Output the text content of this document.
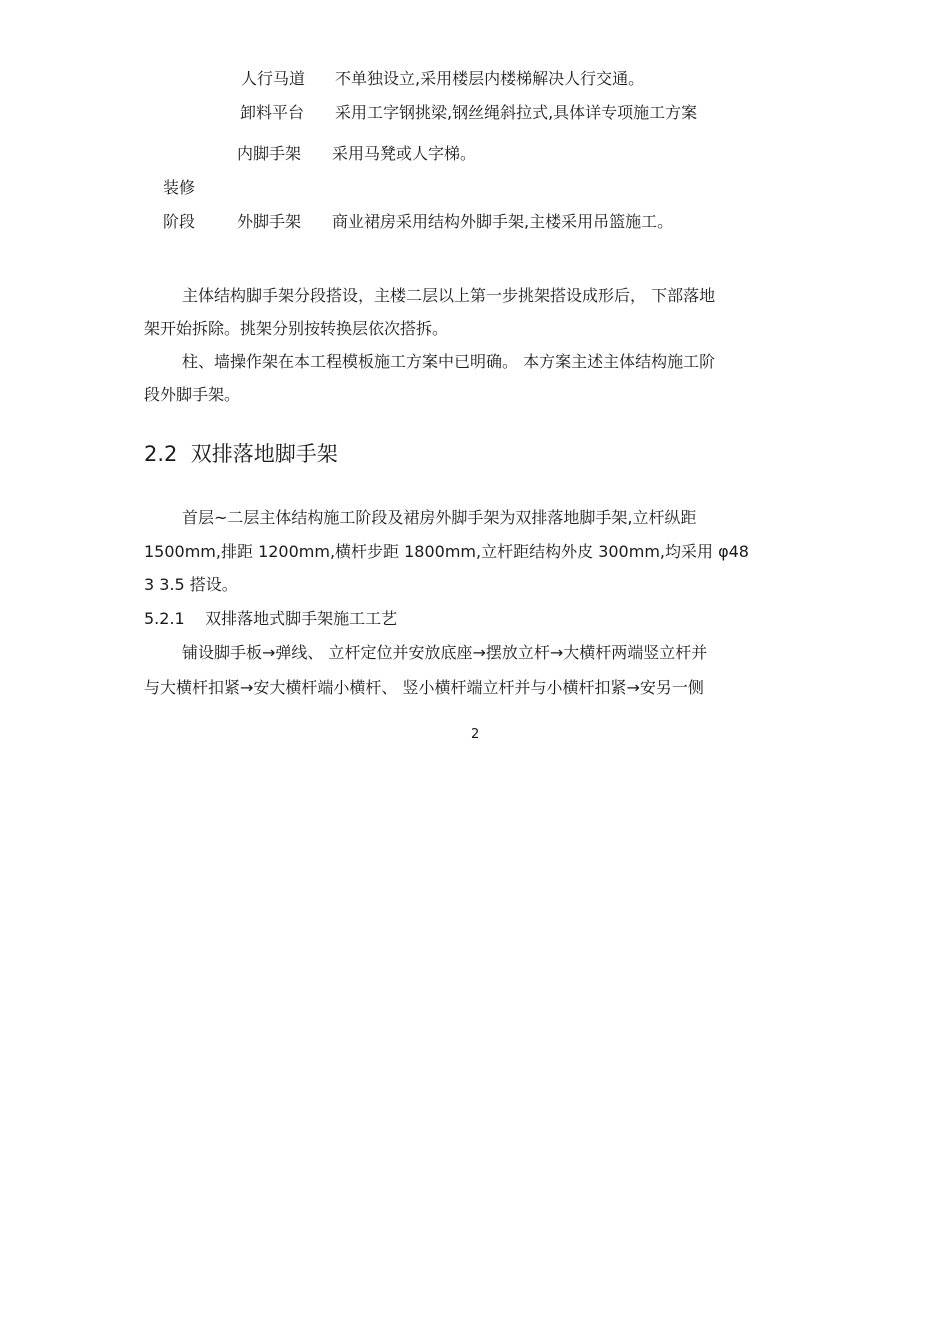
人行马道 不单独设立,采用楼层内楼梯解决人行交通。
卸料平台 采用工字钢挑梁,钢丝绳斜拉式,具体详专项施工方案
内脚手架 采用马凳或人字梯。
装修
阶段	外脚手架 商业裙房采用结构外脚手架,主楼采用吊篮施工。
主体结构脚手架分段搭设，主楼二层以上第一步挑架搭设成形后， 下部落地
架开始拆除。挑架分别按转换层依次搭拆。
柱、墙操作架在本工程模板施工方案中已明确。 本方案主述主体结构施工阶
段外脚手架。
2.2 双排落地脚手架
首层~二层主体结构施工阶段及裙房外脚手架为双排落地脚手架,立杆纵距
1500mm,排距 1200mm,横杆步距 1800mm,立杆距结构外皮 300mm,均采用 φ48
3 3.5 搭设。
5.2.1 双排落地式脚手架施工工艺
铺设脚手板→弹线、 立杆定位并安放底座→摆放立杆→大横杆两端竖立杆并
与大横杆扣紧→安大横杆端小横杆、 竖小横杆端立杆并与小横杆扣紧→安另一侧
2
